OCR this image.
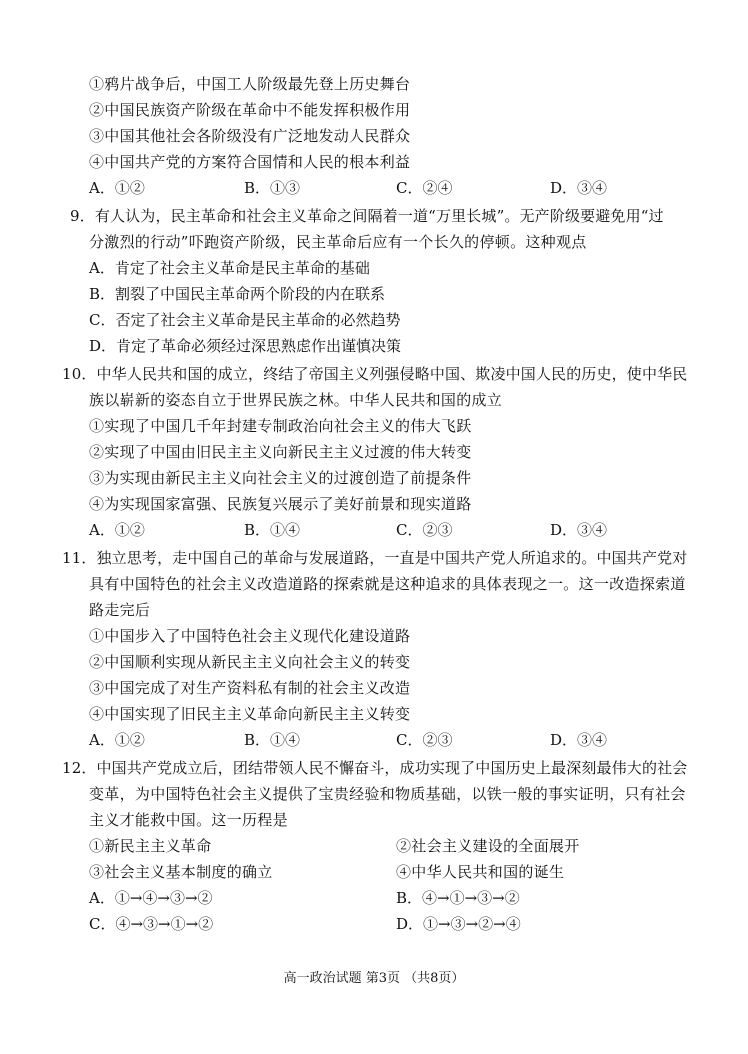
①鸦片战争后，中国工人阶级最先登上历史舞台
②中国民族资产阶级在革命中不能发挥积极作用
③中国其他社会各阶级没有广泛地发动人民群众
④中国共产党的方案符合国情和人民的根本利益
A．①②	B．①③	C．②④	D．③④
9．有人认为，民主革命和社会主义革命之间隔着一道“万里长城”。无产阶级要避免用“过
分激烈的行动”吓跑资产阶级，民主革命后应有一个长久的停顿。这种观点
A．肯定了社会主义革命是民主革命的基础
B．割裂了中国民主革命两个阶段的内在联系
C．否定了社会主义革命是民主革命的必然趋势
D．肯定了革命必须经过深思熟虑作出谨慎决策
10．中华人民共和国的成立，终结了帝国主义列强侵略中国、欺凌中国人民的历史，使中华民
族以崭新的姿态自立于世界民族之林。中华人民共和国的成立
①实现了中国几千年封建专制政治向社会主义的伟大飞跃
②实现了中国由旧民主主义向新民主主义过渡的伟大转变
③为实现由新民主主义向社会主义的过渡创造了前提条件
④为实现国家富强、民族复兴展示了美好前景和现实道路
A．①②	B．①④	C．②③	D．③④
11．独立思考，走中国自己的革命与发展道路，一直是中国共产党人所追求的。中国共产党对
具有中国特色的社会主义改造道路的探索就是这种追求的具体表现之一。这一改造探索道
路走完后
①中国步入了中国特色社会主义现代化建设道路
②中国顺利实现从新民主主义向社会主义的转变
③中国完成了对生产资料私有制的社会主义改造
④中国实现了旧民主主义革命向新民主主义转变
A．①②	B．①④	C．②③	D．③④
12．中国共产党成立后，团结带领人民不懈奋斗，成功实现了中国历史上最深刻最伟大的社会
变革，为中国特色社会主义提供了宝贵经验和物质基础，以铁一般的事实证明，只有社会
主义才能救中国。这一历程是
①新民主主义革命	②社会主义建设的全面展开
③社会主义基本制度的确立	④中华人民共和国的诞生
A．①→④→③→②	B．④→①→③→②
C．④→③→①→②	D．①→③→②→④
高一政治试题 第3页 （共8页）
